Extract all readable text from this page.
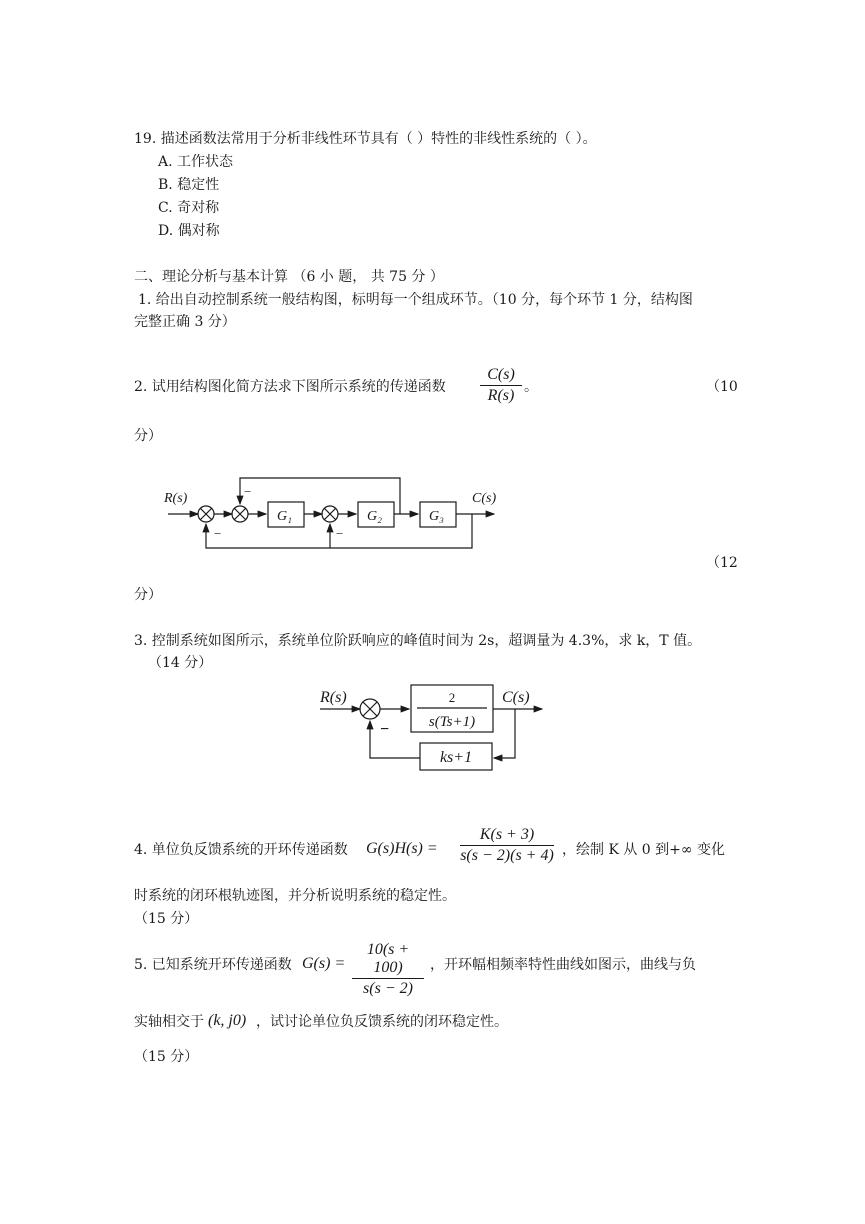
19. 描述函数法常用于分析非线性环节具有（ ）特性的非线性系统的（ ）。
A. 工作状态
B. 稳定性
C. 奇对称
D. 偶对称
二、理论分析与基本计算 （6 小 题， 共 75 分 ）
1. 给出自动控制系统一般结构图，标明每一个组成环节。（10 分，每个环节 1 分，结构图
完整正确 3 分）
2. 试用结构图化简方法求下图所示系统的传递函数 $\frac{C(s)}{R(s)}$ 。	（10
分）
R(s)	C(s)
G₁	G₂	G₃
−
−	−
（12
分）
3. 控制系统如图所示，系统单位阶跃响应的峰值时间为 2s，超调量为 4.3%，求 k，T 值。
（14 分）
R(s)	C(s)
2
s(Ts+1)
ks+1
−
4. 单位负反馈系统的开环传递函数 $G(s)H(s) = \frac{K(s + 3)}{s(s - 2)(s + 4)}$ ，绘制 K 从 0 到+∞ 变化
时系统的闭环根轨迹图，并分析说明系统的稳定性。
（15 分）
5. 已知系统开环传递函数 $G(s) = \frac{10(s + 100)}{s(s - 2)}$ ，开环幅相频率特性曲线如图示，曲线与负
实轴相交于 (k, j0) ，试讨论单位负反馈系统的闭环稳定性。
（15 分）
